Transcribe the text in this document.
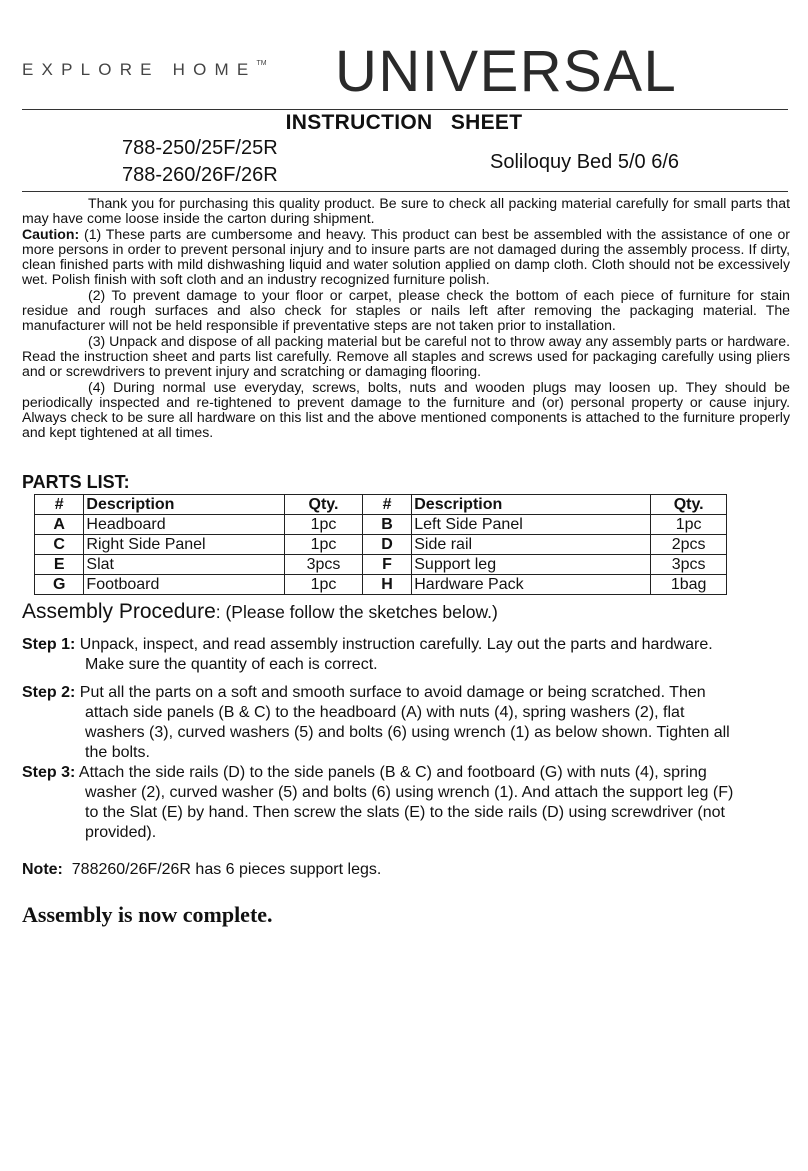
EXPLORE HOME™ UNIVERSAL
INSTRUCTION   SHEET
788-250/25F/25R
788-260/26F/26R
Soliloquy Bed 5/0 6/6

Thank you for purchasing this quality product. Be sure to check all packing material carefully for small parts that may have come loose inside the carton during shipment.

Caution: (1) These parts are cumbersome and heavy. This product can best be assembled with the assistance of one or more persons in order to prevent personal injury and to insure parts are not damaged during the assembly process. If dirty, clean finished parts with mild dishwashing liquid and water solution applied on damp cloth. Cloth should not be excessively wet. Polish finish with soft cloth and an industry recognized furniture polish.

(2) To prevent damage to your floor or carpet, please check the bottom of each piece of furniture for stain residue and rough surfaces and also check for staples or nails left after removing the packaging material. The manufacturer will not be held responsible if preventative steps are not taken prior to installation.

(3) Unpack and dispose of all packing material but be careful not to throw away any assembly parts or hardware. Read the instruction sheet and parts list carefully. Remove all staples and screws used for packaging carefully using pliers and or screwdrivers to prevent injury and scratching or damaging flooring.

(4) During normal use everyday, screws, bolts, nuts and wooden plugs may loosen up. They should be periodically inspected and re-tightened to prevent damage to the furniture and (or) personal property or cause injury. Always check to be sure all hardware on this list and the above mentioned components is attached to the furniture properly and kept tightened at all times.

PARTS LIST:
#	Description	Qty.	#	Description	Qty.
A	Headboard	1pc	B	Left Side Panel	1pc
C	Right Side Panel	1pc	D	Side rail	2pcs
E	Slat	3pcs	F	Support leg	3pcs
G	Footboard	1pc	H	Hardware Pack	1bag
Assembly Procedure: (Please follow the sketches below.)
Step 1: Unpack, inspect, and read assembly instruction carefully. Lay out the parts and hardware.
Make sure the quantity of each is correct.
Step 2: Put all the parts on a soft and smooth surface to avoid damage or being scratched. Then
attach side panels (B & C) to the headboard (A) with nuts (4), spring washers (2), flat
washers (3), curved washers (5) and bolts (6) using wrench (1) as below shown. Tighten all
the bolts.
Step 3: Attach the side rails (D) to the side panels (B & C) and footboard (G) with nuts (4), spring
washer (2), curved washer (5) and bolts (6) using wrench (1). And attach the support leg (F)
to the Slat (E) by hand. Then screw the slats (E) to the side rails (D) using screwdriver (not
provided).
Note:  788260/26F/26R has 6 pieces support legs.
Assembly is now complete.
